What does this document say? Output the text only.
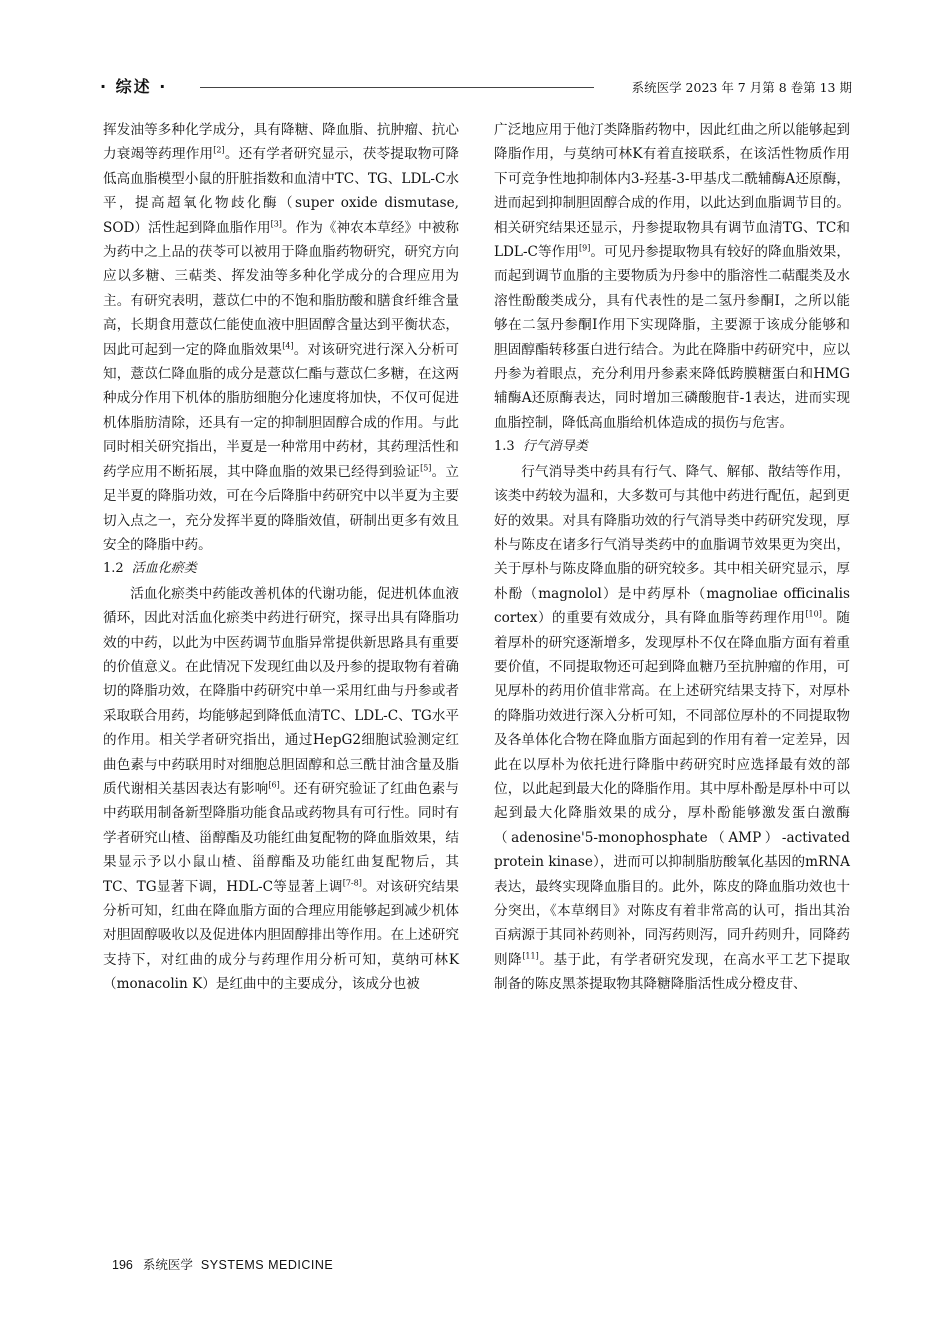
· 综述 ·	系统医学 2023 年 7 月第 8 卷第 13 期

挥发油等多种化学成分，具有降糖、降血脂、抗肿瘤、抗心力衰竭等药理作用[2]。还有学者研究显示，茯苓提取物可降低高血脂模型小鼠的肝脏指数和血清中TC、TG、LDL-C水平，提高超氧化物歧化酶（super oxide dismutase, SOD）活性起到降血脂作用[3]。作为《神农本草经》中被称为药中之上品的茯苓可以被用于降血脂药物研究，研究方向应以多糖、三萜类、挥发油等多种化学成分的合理应用为主。有研究表明，薏苡仁中的不饱和脂肪酸和膳食纤维含量高，长期食用薏苡仁能使血液中胆固醇含量达到平衡状态，因此可起到一定的降血脂效果[4]。对该研究进行深入分析可知，薏苡仁降血脂的成分是薏苡仁酯与薏苡仁多糖，在这两种成分作用下机体的脂肪细胞分化速度将加快，不仅可促进机体脂肪清除，还具有一定的抑制胆固醇合成的作用。与此同时相关研究指出，半夏是一种常用中药材，其药理活性和药学应用不断拓展，其中降血脂的效果已经得到验证[5]。立足半夏的降脂功效，可在今后降脂中药研究中以半夏为主要切入点之一，充分发挥半夏的降脂效值，研制出更多有效且安全的降脂中药。

1.2 活血化瘀类

活血化瘀类中药能改善机体的代谢功能，促进机体血液循环，因此对活血化瘀类中药进行研究，探寻出具有降脂功效的中药，以此为中医药调节血脂异常提供新思路具有重要的价值意义。在此情况下发现红曲以及丹参的提取物有着确切的降脂功效，在降脂中药研究中单一采用红曲与丹参或者采取联合用药，均能够起到降低血清TC、LDL-C、TG水平的作用。相关学者研究指出，通过HepG2细胞试验测定红曲色素与中药联用时对细胞总胆固醇和总三酰甘油含量及脂质代谢相关基因表达有影响[6]。还有研究验证了红曲色素与中药联用制备新型降脂功能食品或药物具有可行性。同时有学者研究山楂、甾醇酯及功能红曲复配物的降血脂效果，结果显示予以小鼠山楂、甾醇酯及功能红曲复配物后，其TC、TG显著下调，HDL-C等显著上调[7-8]。对该研究结果分析可知，红曲在降血脂方面的合理应用能够起到减少机体对胆固醇吸收以及促进体内胆固醇排出等作用。在上述研究支持下，对红曲的成分与药理作用分析可知，莫纳可林K（monacolin K）是红曲中的主要成分，该成分也被

广泛地应用于他汀类降脂药物中，因此红曲之所以能够起到降脂作用，与莫纳可林K有着直接联系，在该活性物质作用下可竞争性地抑制体内3-羟基-3-甲基戊二酰辅酶A还原酶，进而起到抑制胆固醇合成的作用，以此达到血脂调节目的。相关研究结果还显示，丹参提取物具有调节血清TG、TC和LDL-C等作用[9]。可见丹参提取物具有较好的降血脂效果，而起到调节血脂的主要物质为丹参中的脂溶性二萜醌类及水溶性酚酸类成分，具有代表性的是二氢丹参酮I，之所以能够在二氢丹参酮I作用下实现降脂，主要源于该成分能够和胆固醇酯转移蛋白进行结合。为此在降脂中药研究中，应以丹参为着眼点，充分利用丹参素来降低跨膜糖蛋白和HMG辅酶A还原酶表达，同时增加三磷酸胞苷-1表达，进而实现血脂控制，降低高血脂给机体造成的损伤与危害。

1.3 行气消导类

行气消导类中药具有行气、降气、解郁、散结等作用，该类中药较为温和，大多数可与其他中药进行配伍，起到更好的效果。对具有降脂功效的行气消导类中药研究发现，厚朴与陈皮在诸多行气消导类药中的血脂调节效果更为突出，关于厚朴与陈皮降血脂的研究较多。其中相关研究显示，厚朴酚（magnolol）是中药厚朴（magnoliae officinalis cortex）的重要有效成分，具有降血脂等药理作用[10]。随着厚朴的研究逐渐增多，发现厚朴不仅在降血脂方面有着重要价值，不同提取物还可起到降血糖乃至抗肿瘤的作用，可见厚朴的药用价值非常高。在上述研究结果支持下，对厚朴的降脂功效进行深入分析可知，不同部位厚朴的不同提取物及各单体化合物在降血脂方面起到的作用有着一定差异，因此在以厚朴为依托进行降脂中药研究时应选择最有效的部位，以此起到最大化的降脂作用。其中厚朴酚是厚朴中可以起到最大化降脂效果的成分，厚朴酚能够激发蛋白激酶（adenosine'5-monophosphate（AMP）-activated protein kinase），进而可以抑制脂肪酸氧化基因的mRNA表达，最终实现降血脂目的。此外，陈皮的降血脂功效也十分突出，《本草纲目》对陈皮有着非常高的认可，指出其治百病源于其同补药则补，同泻药则泻，同升药则升，同降药则降[11]。基于此，有学者研究发现，在高水平工艺下提取制备的陈皮黑茶提取物其降糖降脂活性成分橙皮苷、

196 系统医学 SYSTEMS MEDICINE
